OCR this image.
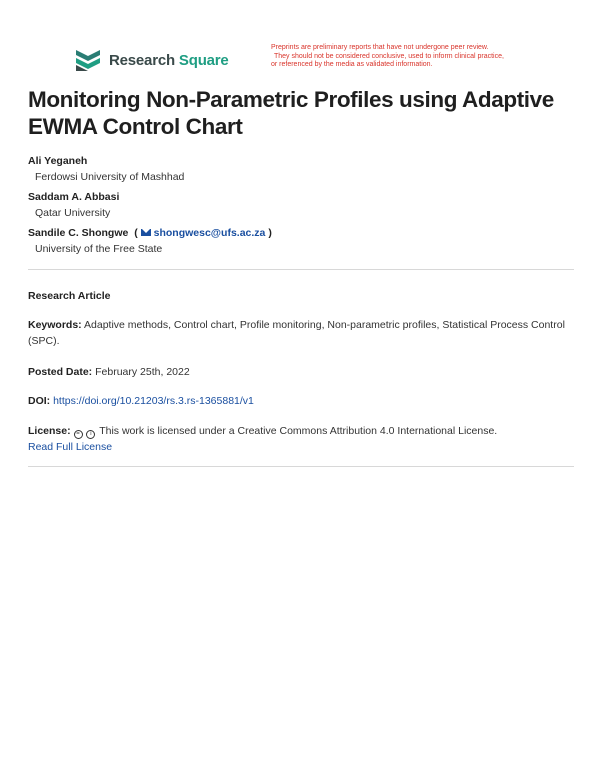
Research Square
Preprints are preliminary reports that have not undergone peer review.
They should not be considered conclusive, used to inform clinical practice,
or referenced by the media as validated information.
Monitoring Non-Parametric Profiles using Adaptive EWMA Control Chart
Ali Yeganeh
Ferdowsi University of Mashhad
Saddam A. Abbasi
Qatar University
Sandile C. Shongwe ( shongwesc@ufs.ac.za )
University of the Free State
Research Article
Keywords: Adaptive methods, Control chart, Profile monitoring, Non-parametric profiles, Statistical Process Control (SPC).
Posted Date: February 25th, 2022
DOI: https://doi.org/10.21203/rs.3.rs-1365881/v1
License: = i This work is licensed under a Creative Commons Attribution 4.0 International License.
Read Full License
